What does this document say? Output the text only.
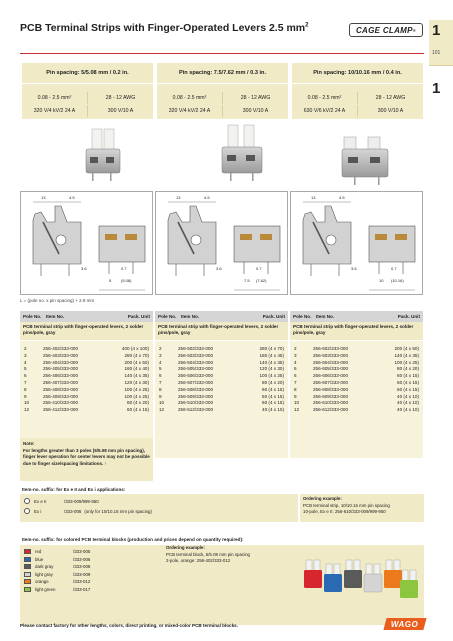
PCB Terminal Strips with Finger-Operated Levers 2.5 $mm^2$	CAGE CLAMP ® 1
101
1
Pin spacing: 5/5.08 mm / 0.2 in.
0.08 - 2.5 mm²	28 - 12 AWG
320 V/4 kV/2 24 A	300 V/10 A
Pin spacing: 7.5/7.62 mm / 0.3 in.
0.08 - 2.5 mm²	28 - 12 AWG
320 V/4 kV/2 24 A	300 V/10 A
Pin spacing: 10/10.16 mm / 0.4 in.
0.08 - 2.5 mm²	28 - 12 AWG
630 V/6 kV/2 24 A	300 V/10 A
13	4.5
3.6	0.7
5 (5.08)
13	4.5
3.6	0.7
7.5 (7.62)
13	4.5
3.6	0.7
10 (10.16)
L = (pole no. x pin spacing) + 2.9 mm
Pole No. Item No.	Pack. Unit
PCB terminal strip with finger-operated levers, 2 solder pins/pole, gray
2	256-402/333-000	400 (4 x 100)
3	256-403/333-000	280 (4 x 70)
4	256-404/333-000	200 (4 x 50)
5	256-405/333-000	160 (4 x 40)
6	256-406/333-000	140 (4 x 35)
7	256-407/333-000	120 (4 x 30)
8	256-408/333-000	100 (4 x 25)
9	256-409/333-000	100 (4 x 25)
10	256-410/333-000	80 (4 x 20)
12	256-412/333-000	60 (4 x 15)
Pole No. Item No.	Pack. Unit
PCB terminal strip with finger-operated levers, 2 solder pins/pole, gray
2	256-502/333-000	280 (4 x 70)
3	256-503/333-000	180 (4 x 45)
4	256-504/333-000	140 (4 x 35)
5	256-505/333-000	120 (4 x 30)
6	256-506/333-000	100 (4 x 25)
7	256-507/333-000	80 (4 x 20)
8	256-508/333-000	60 (4 x 15)
9	256-509/333-000	60 (4 x 15)
10	256-510/333-000	60 (4 x 15)
12	256-512/333-000	40 (4 x 10)
Pole No. Item No.	Pack. Unit
PCB terminal strip with finger-operated levers, 2 solder pins/pole, gray
2	256-602/333-000	200 (4 x 50)
3	256-603/333-000	140 (4 x 35)
4	256-604/333-000	100 (4 x 25)
5	256-605/333-000	80 (4 x 20)
6	256-606/333-000	60 (4 x 15)
7	256-607/333-000	60 (4 x 15)
8	256-608/333-000	60 (4 x 15)
9	256-609/333-000	40 (4 x 10)
10	256-610/333-000	40 (4 x 10)
12	256-612/333-000	40 (4 x 10)
Note:
For lengths greater than 3 poles (5/5.08 mm pin spacing), finger lever operation for center levers may not be possible due to finger size/spacing limitations. ↑
Item-no. suffix: for Ex e II and Ex i applications:
Ex e II	/333-009/999-950
Ex i	/333-006 (only for 10/10.16 mm pin spacing)
Ordering example:
PCB terminal strip, 10/10.16 mm pin spacing
10-pole, Ex e II: 256-610/333-009/999-950
Item-no. suffix: for colored PCB terminal blocks (production and prices depend on quantity required):
red	/333-005
blue	/333-006
dark gray	/333-008
light gray	/333-009
orange	/333-012
light green	/333-017
Ordering example:
PCB terminal block, 5/5.08 mm pin spacing
2-pole, orange: 256-402/333-012
Please contact factory for other lengths, colors, direct printing, or mixed-color PCB terminal blocks.	WAGO
